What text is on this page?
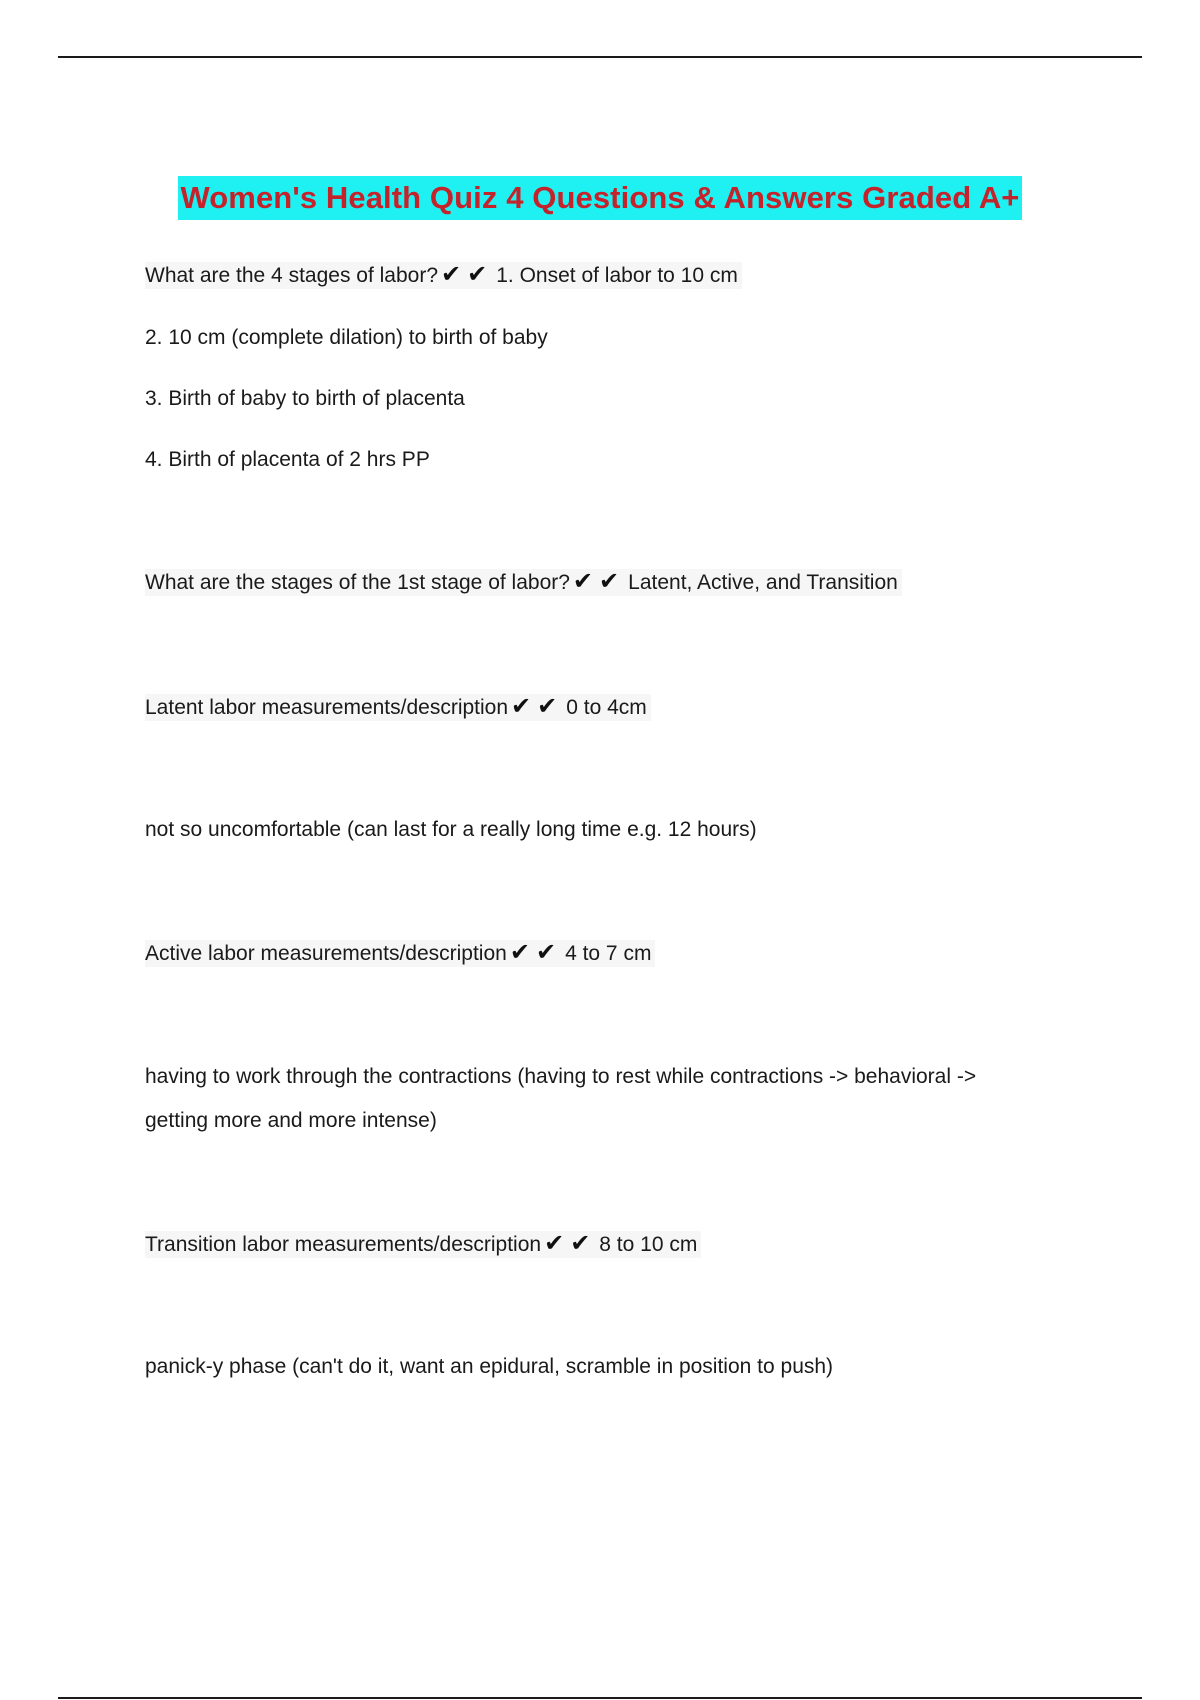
Women's Health Quiz 4 Questions & Answers Graded A+
What are the 4 stages of labor? ✔ ✔ 1. Onset of labor to 10 cm
2. 10 cm (complete dilation) to birth of baby
3. Birth of baby to birth of placenta
4. Birth of placenta of 2 hrs PP
What are the stages of the 1st stage of labor? ✔ ✔ Latent, Active, and Transition
Latent labor measurements/description ✔ ✔ 0 to 4cm
not so uncomfortable (can last for a really long time e.g. 12 hours)
Active labor measurements/description ✔ ✔ 4 to 7 cm
having to work through the contractions (having to rest while contractions -> behavioral ->
getting more and more intense)
Transition labor measurements/description ✔ ✔ 8 to 10 cm
panick-y phase (can't do it, want an epidural, scramble in position to push)
